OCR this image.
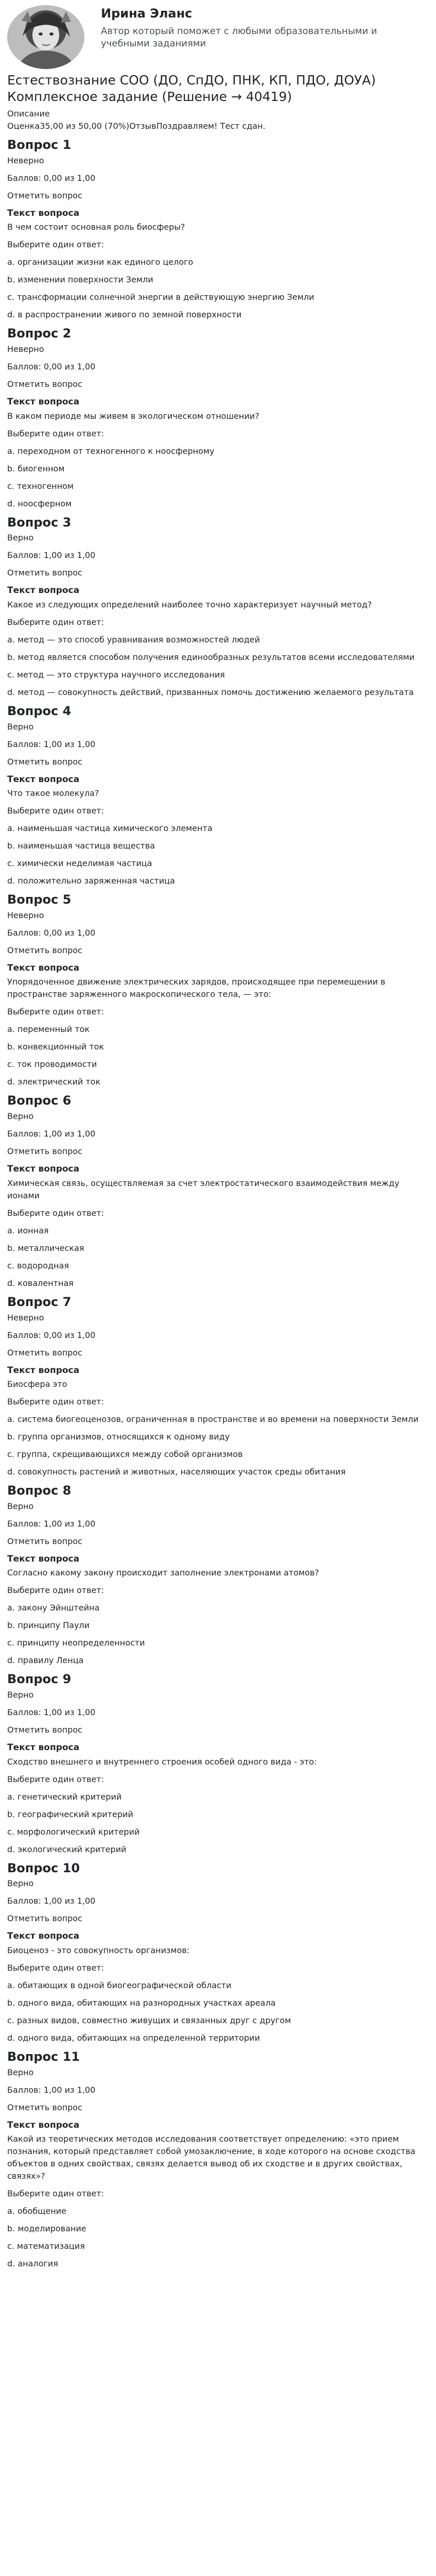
Ирина Эланс
Автор который поможет с любыми образовательными и учебными заданиями
Естествознание СОО (ДО, СпДО, ПНК, КП, ПДО, ДОУА) Комплексное задание (Решение → 40419)
Описание
Оценка35,00 из 50,00 (70%)ОтзывПоздравляем! Тест сдан.
Вопрос 1
Неверно
Баллов: 0,00 из 1,00
Отметить вопрос
Текст вопроса
В чем состоит основная роль биосферы?
Выберите один ответ:
a. организации жизни как единого целого
b. изменении поверхности Земли
c. трансформации солнечной энергии в действующую энергию Земли
d. в распространении живого по земной поверхности
Вопрос 2
Неверно
Баллов: 0,00 из 1,00
Отметить вопрос
Текст вопроса
В каком периоде мы живем в экологическом отношении?
Выберите один ответ:
a. переходном от техногенного к ноосферному
b. биогенном
c. техногенном
d. ноосферном
Вопрос 3
Верно
Баллов: 1,00 из 1,00
Отметить вопрос
Текст вопроса
Какое из следующих определений наиболее точно характеризует научный метод?
Выберите один ответ:
a. метод — это способ уравнивания возможностей людей
b. метод является способом получения единообразных результатов всеми исследователями
c. метод — это структура научного исследования
d. метод — совокупность действий, призванных помочь достижению желаемого результата
Вопрос 4
Верно
Баллов: 1,00 из 1,00
Отметить вопрос
Текст вопроса
Что такое молекула?
Выберите один ответ:
a. наименьшая частица химического элемента
b. наименьшая частица вещества
c. химически неделимая частица
d. положительно заряженная частица
Вопрос 5
Неверно
Баллов: 0,00 из 1,00
Отметить вопрос
Текст вопроса
Упорядоченное движение электрических зарядов, происходящее при перемещении в пространстве заряженного макроскопического тела, — это:
Выберите один ответ:
a. переменный ток
b. конвекционный ток
c. ток проводимости
d. электрический ток
Вопрос 6
Верно
Баллов: 1,00 из 1,00
Отметить вопрос
Текст вопроса
Химическая связь, осуществляемая за счет электростатического взаимодействия между ионами
Выберите один ответ:
a. ионная
b. металлическая
c. водородная
d. ковалентная
Вопрос 7
Неверно
Баллов: 0,00 из 1,00
Отметить вопрос
Текст вопроса
Биосфера это
Выберите один ответ:
a. система биогеоценозов, ограниченная в пространстве и во времени на поверхности Земли
b. группа организмов, относящихся к одному виду
c. группа, скрещивающихся между собой организмов
d. совокупность растений и животных, населяющих участок среды обитания
Вопрос 8
Верно
Баллов: 1,00 из 1,00
Отметить вопрос
Текст вопроса
Согласно какому закону происходит заполнение электронами атомов?
Выберите один ответ:
a. закону Эйнштейна
b. принципу Паули
c. принципу неопределенности
d. правилу Ленца
Вопрос 9
Верно
Баллов: 1,00 из 1,00
Отметить вопрос
Текст вопроса
Сходство внешнего и внутреннего строения особей одного вида - это:
Выберите один ответ:
a. генетический критерий
b. географический критерий
c. морфологический критерий
d. экологический критерий
Вопрос 10
Верно
Баллов: 1,00 из 1,00
Отметить вопрос
Текст вопроса
Биоценоз - это совокупность организмов:
Выберите один ответ:
a. обитающих в одной биогеографической области
b. одного вида, обитающих на разнородных участках ареала
c. разных видов, совместно живущих и связанных друг с другом
d. одного вида, обитающих на определенной территории
Вопрос 11
Верно
Баллов: 1,00 из 1,00
Отметить вопрос
Текст вопроса
Какой из теоретических методов исследования соответствует определению: «это прием познания, который представляет собой умозаключение, в ходе которого на основе сходства объектов в одних свойствах, связях делается вывод об их сходстве и в других свойствах, связях»?
Выберите один ответ:
a. обобщение
b. моделирование
c. математизация
d. аналогия
